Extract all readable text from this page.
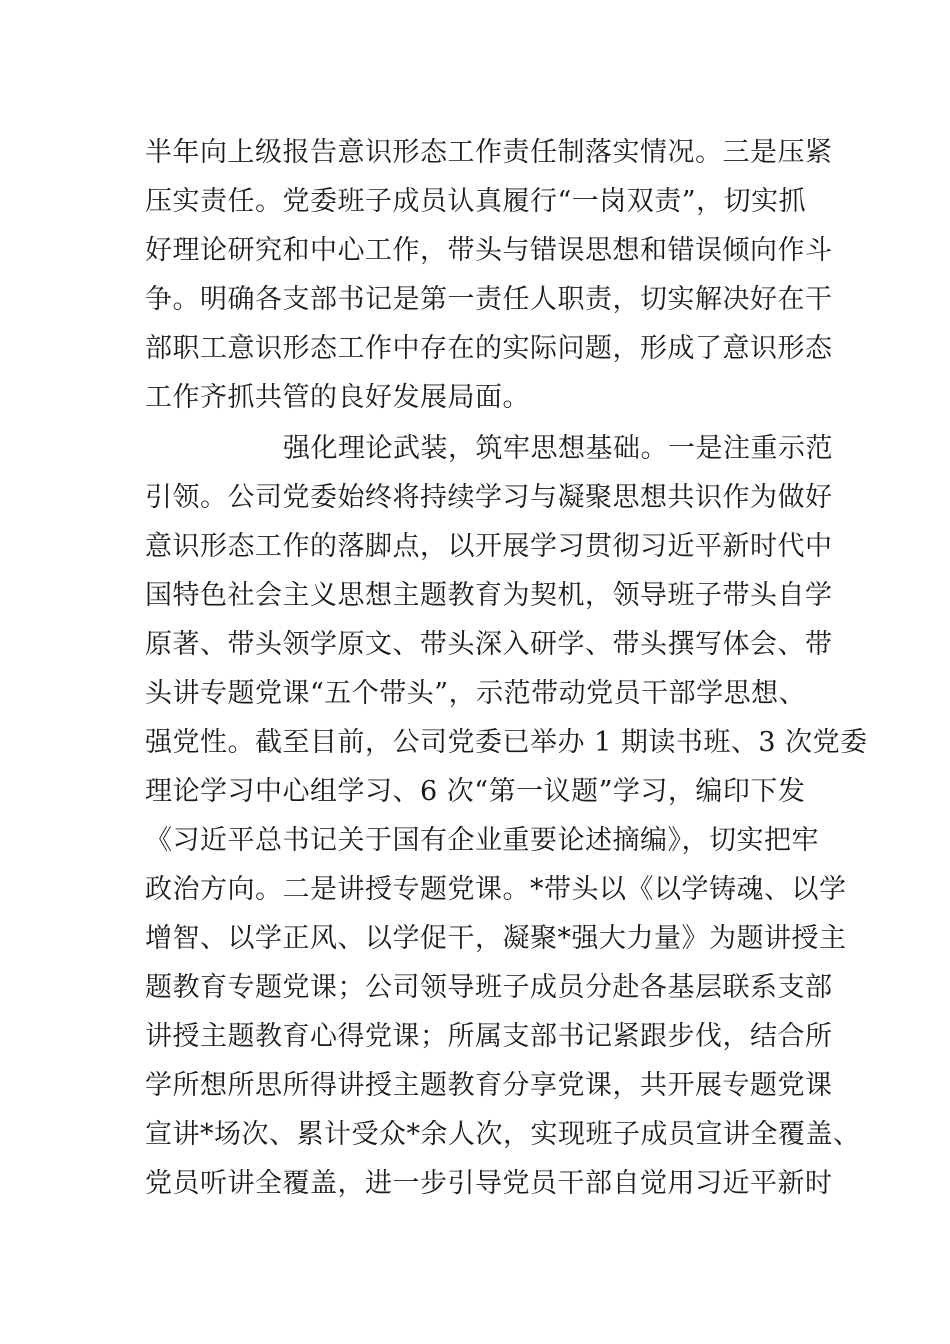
半年向上级报告意识形态工作责任制落实情况。三是压紧
压实责任。党委班子成员认真履行“一岗双责”，切实抓
好理论研究和中心工作，带头与错误思想和错误倾向作斗
争。明确各支部书记是第一责任人职责，切实解决好在干
部职工意识形态工作中存在的实际问题，形成了意识形态
工作齐抓共管的良好发展局面。
强化理论武装，筑牢思想基础。一是注重示范
引领。公司党委始终将持续学习与凝聚思想共识作为做好
意识形态工作的落脚点，以开展学习贯彻习近平新时代中
国特色社会主义思想主题教育为契机，领导班子带头自学
原著、带头领学原文、带头深入研学、带头撰写体会、带
头讲专题党课“五个带头”，示范带动党员干部学思想、
强党性。截至目前，公司党委已举办 1 期读书班、3 次党委
理论学习中心组学习、6 次“第一议题”学习，编印下发
《习近平总书记关于国有企业重要论述摘编》，切实把牢
政治方向。二是讲授专题党课。*带头以《以学铸魂、以学
增智、以学正风、以学促干，凝聚*强大力量》为题讲授主
题教育专题党课；公司领导班子成员分赴各基层联系支部
讲授主题教育心得党课；所属支部书记紧跟步伐，结合所
学所想所思所得讲授主题教育分享党课，共开展专题党课
宣讲*场次、累计受众*余人次，实现班子成员宣讲全覆盖、
党员听讲全覆盖，进一步引导党员干部自觉用习近平新时
